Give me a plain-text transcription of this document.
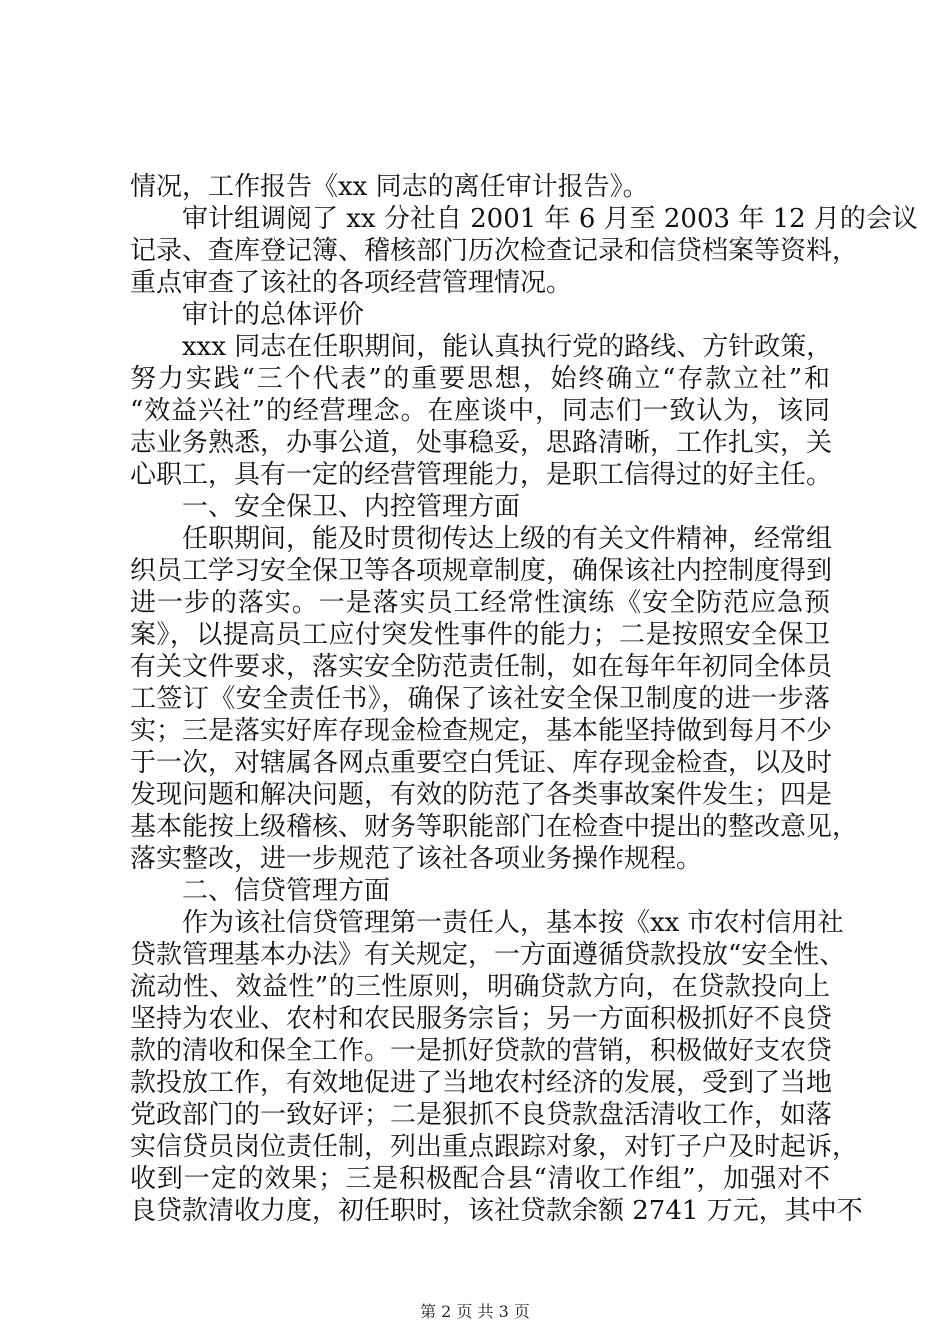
情况，工作报告《xx 同志的离任审计报告》。
审计组调阅了 xx 分社自 2001 年 6 月至 2003 年 12 月的会议
记录、查库登记簿、稽核部门历次检查记录和信贷档案等资料，
重点审查了该社的各项经营管理情况。
审计的总体评价
xxx 同志在任职期间，能认真执行党的路线、方针政策，
努力实践“三个代表”的重要思想，始终确立“存款立社”和
“效益兴社”的经营理念。在座谈中，同志们一致认为，该同
志业务熟悉，办事公道，处事稳妥，思路清晰，工作扎实，关
心职工，具有一定的经营管理能力，是职工信得过的好主任。
一、安全保卫、内控管理方面
任职期间，能及时贯彻传达上级的有关文件精神，经常组
织员工学习安全保卫等各项规章制度，确保该社内控制度得到
进一步的落实。一是落实员工经常性演练《安全防范应急预
案》，以提高员工应付突发性事件的能力；二是按照安全保卫
有关文件要求，落实安全防范责任制，如在每年年初同全体员
工签订《安全责任书》，确保了该社安全保卫制度的进一步落
实；三是落实好库存现金检查规定，基本能坚持做到每月不少
于一次，对辖属各网点重要空白凭证、库存现金检查，以及时
发现问题和解决问题，有效的防范了各类事故案件发生；四是
基本能按上级稽核、财务等职能部门在检查中提出的整改意见，
落实整改，进一步规范了该社各项业务操作规程。
二、信贷管理方面
作为该社信贷管理第一责任人，基本按《xx 市农村信用社
贷款管理基本办法》有关规定，一方面遵循贷款投放“安全性、
流动性、效益性”的三性原则，明确贷款方向，在贷款投向上
坚持为农业、农村和农民服务宗旨；另一方面积极抓好不良贷
款的清收和保全工作。一是抓好贷款的营销，积极做好支农贷
款投放工作，有效地促进了当地农村经济的发展，受到了当地
党政部门的一致好评；二是狠抓不良贷款盘活清收工作，如落
实信贷员岗位责任制，列出重点跟踪对象，对钉子户及时起诉，
收到一定的效果；三是积极配合县“清收工作组”，加强对不
良贷款清收力度，初任职时，该社贷款余额 2741 万元，其中不
第 2 页 共 3 页
